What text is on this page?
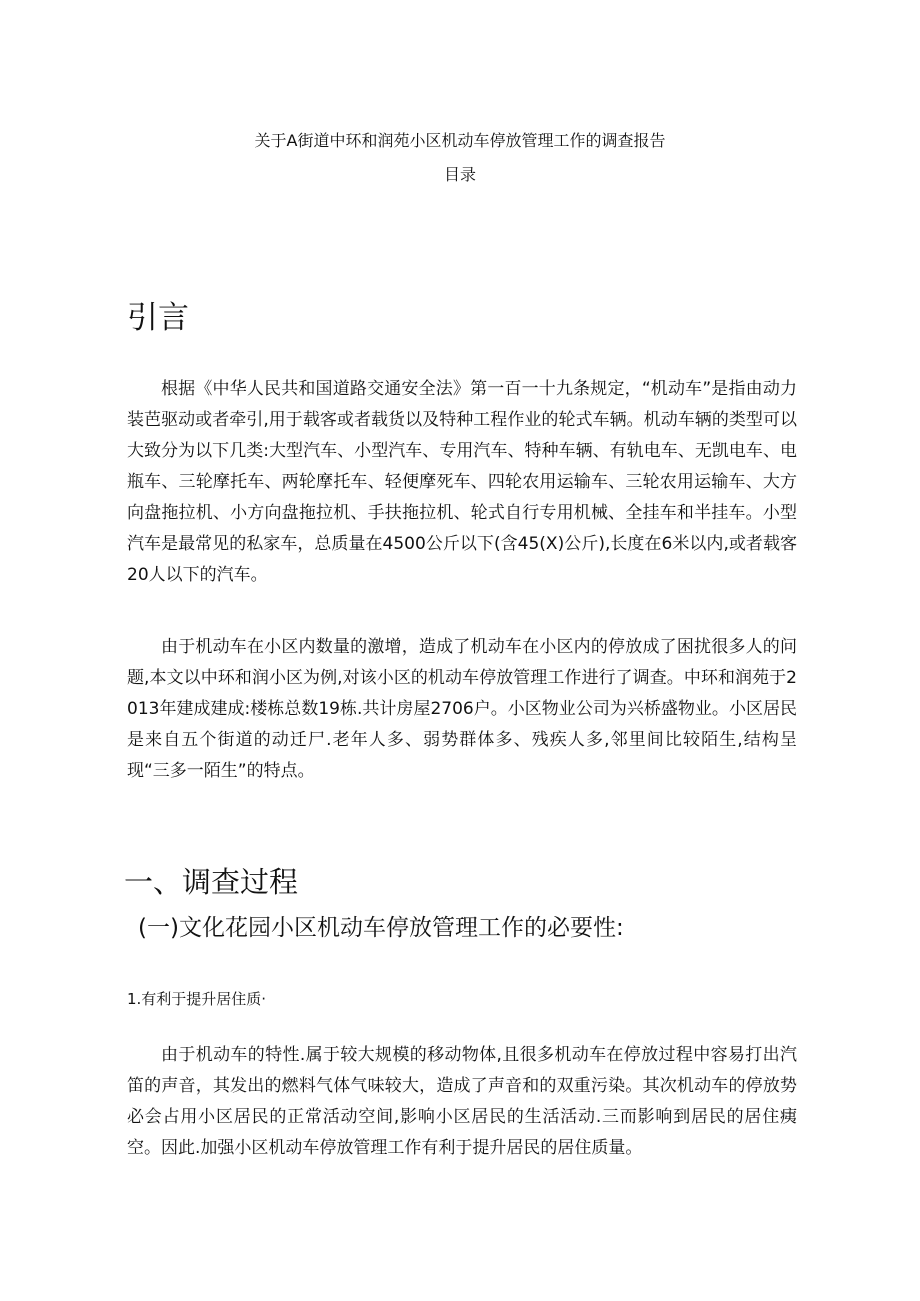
关于A街道中环和润苑小区机动车停放管理工作的调查报告
目录
引言

根据《中华人民共和国道路交通安全法》第一百一十九条规定，“机动车”是指由动力装芭驱动或者牵引,用于载客或者载货以及特种工程作业的轮式车辆。机动车辆的类型可以大致分为以下几类:大型汽车、小型汽车、专用汽车、特种车辆、有轨电车、无凯电车、电瓶车、三轮摩托车、两轮摩托车、轻便摩死车、四轮农用运输车、三轮农用运输车、大方向盘拖拉机、小方向盘拖拉机、手扶拖拉机、轮式自行专用机械、全挂车和半挂车。小型汽车是最常见的私家车，总质量在4500公斤以下(含45(X)公斤),长度在6米以内,或者载客20人以下的汽车。

由于机动车在小区内数量的激增，造成了机动车在小区内的停放成了困扰很多人的问题,本文以中环和润小区为例,对该小区的机动车停放管理工作进行了调查。中环和润苑于2013年建成建成:楼栋总数19栋.共计房屋2706户。小区物业公司为兴桥盛物业。小区居民是来自五个街道的动迁尸.老年人多、弱势群体多、残疾人多,邻里间比较陌生,结构呈现“三多一陌生”的特点。

一、调查过程
(一)文化花园小区机动车停放管理工作的必要性:
1.有利于提升居住质·

由于机动车的特性.属于较大规模的移动物体,且很多机动车在停放过程中容易打出汽笛的声音，其发出的燃料气体气味较大，造成了声音和的双重污染。其次机动车的停放势必会占用小区居民的正常活动空间,影响小区居民的生活活动.三而影响到居民的居住痍空。因此.加强小区机动车停放管理工作有利于提升居民的居住质量。
